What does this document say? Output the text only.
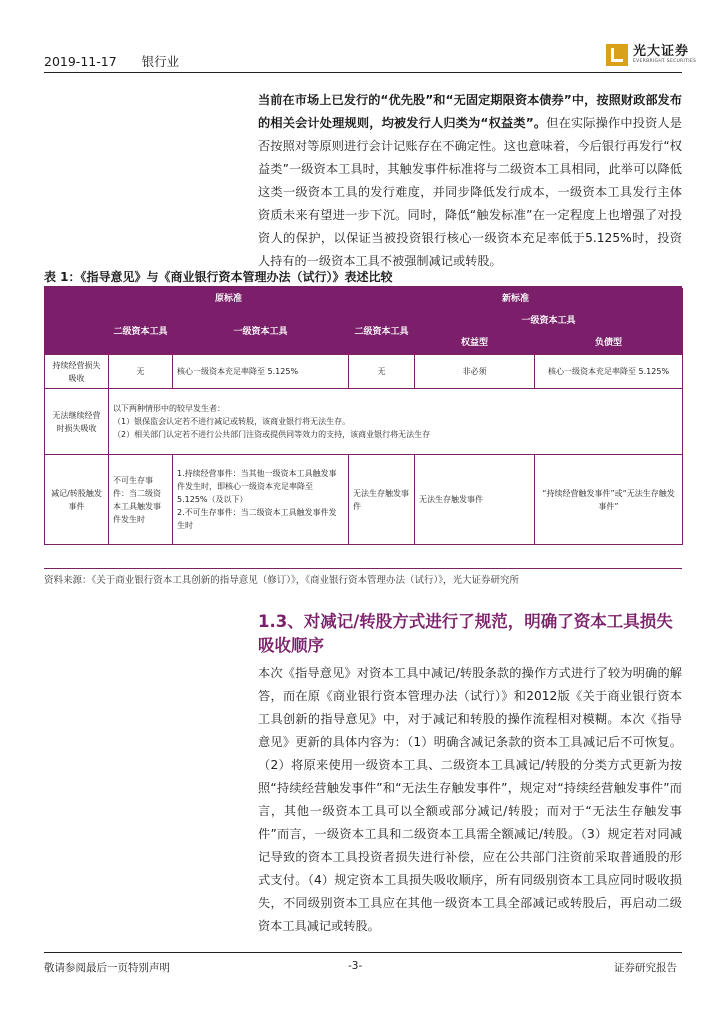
2019-11-17　　银行业
光大证券
EVERBRIGHT SECURITIES
当前在市场上已发行的“优先股”和“无固定期限资本债券”中，按照财政部发布的相关会计处理规则，均被发行人归类为“权益类”。但在实际操作中投资人是否按照对等原则进行会计记账存在不确定性。这也意味着，今后银行再发行“权益类”一级资本工具时，其触发事件标准将与二级资本工具相同，此举可以降低这类一级资本工具的发行难度，并同步降低发行成本，一级资本工具发行主体资质未来有望进一步下沉。同时，降低“触发标准”在一定程度上也增强了对投资人的保护，以保证当被投资银行核心一级资本充足率低于5.125%时，投资人持有的一级资本工具不被强制减记或转股。
表 1：《指导意见》与《商业银行资本管理办法（试行）》表述比较
	原标准		新标准		
	二级资本工具	一级资本工具	二级资本工具	一级资本工具	
				权益型	负债型
持续经营损失吸收	无	核心一级资本充足率降至 5.125%	无	非必须	核心一级资本充足率降至 5.125%
无法继续经营时损失吸收	以下两种情形中的较早发生者：
（1）银保监会认定若不进行减记或转股，该商业银行将无法生存。
（2）相关部门认定若不进行公共部门注资或提供同等效力的支持，该商业银行将无法生存				

减记/转股触发事件	不可生存事件：当二级资本工具触发事件发生时	1.持续经营事件：当其他一级资本工具触发事件发生时，即核心一级资本充足率降至 5.125%（及以下）
2.不可生存事件：当二级资本工具触发事件发生时	无法生存触发事件	无法生存触发事件	“持续经营触发事件”或“无法生存触发事件”
资料来源：《关于商业银行资本工具创新的指导意见（修订）》，《商业银行资本管理办法（试行）》，光大证券研究所
1.3、对减记/转股方式进行了规范，明确了资本工具损失吸收顺序
本次《指导意见》对资本工具中减记/转股条款的操作方式进行了较为明确的解答，而在原《商业银行资本管理办法（试行）》和2012版《关于商业银行资本工具创新的指导意见》中，对于减记和转股的操作流程相对模糊。本次《指导意见》更新的具体内容为：（1）明确含减记条款的资本工具减记后不可恢复。（2）将原来使用一级资本工具、二级资本工具减记/转股的分类方式更新为按照“持续经营触发事件”和“无法生存触发事件”，规定对“持续经营触发事件”而言，其他一级资本工具可以全额或部分减记/转股；而对于“无法生存触发事件”而言，一级资本工具和二级资本工具需全额减记/转股。（3）规定若对同减记导致的资本工具投资者损失进行补偿，应在公共部门注资前采取普通股的形式支付。（4）规定资本工具损失吸收顺序，所有同级别资本工具应同时吸收损失，不同级别资本工具应在其他一级资本工具全部减记或转股后，再启动二级资本工具减记或转股。
敬请参阅最后一页特别声明	-3-	证券研究报告
